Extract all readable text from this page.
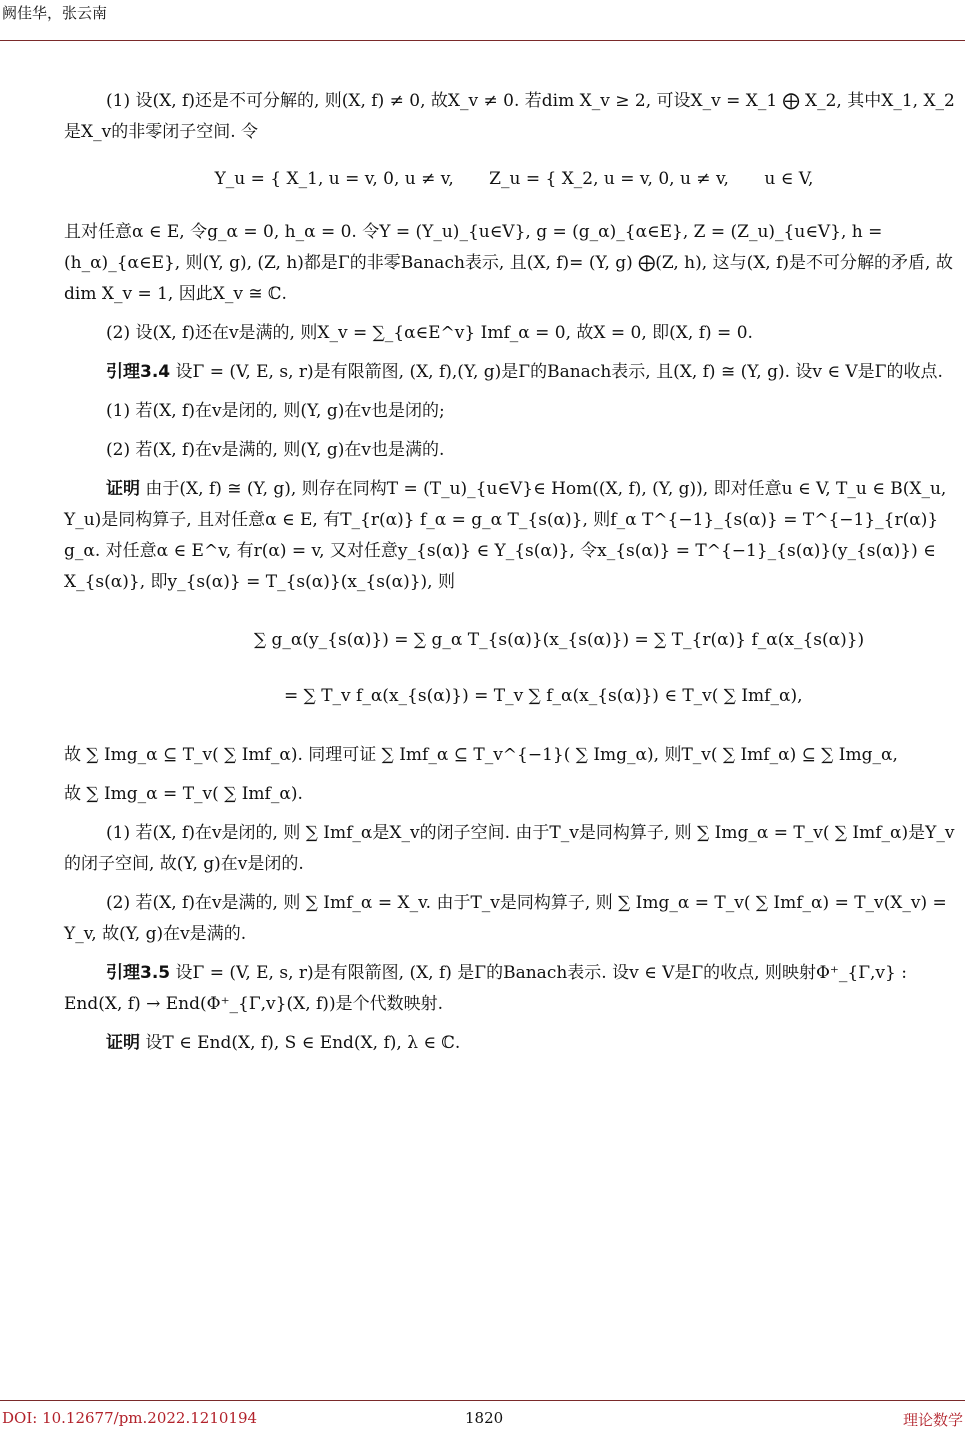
阙佳华，张云南

(1) 设(X, f)还是不可分解的, 则(X, f) ≠ 0, 故X_v ≠ 0. 若dim X_v ≥ 2, 可设X_v = X_1 ⨁ X_2, 其中X_1, X_2是X_v的非零闭子空间. 令

Y_u = { X_1, u = v, 0, u ≠ v, Z_u = { X_2, u = v, 0, u ≠ v, u ∈ V,

且对任意α ∈ E, 令g_α = 0, h_α = 0. 令Y = (Y_u)_{u∈V}, g = (g_α)_{α∈E}, Z = (Z_u)_{u∈V}, h = (h_α)_{α∈E}, 则(Y, g), (Z, h)都是Γ的非零Banach表示, 且(X, f)= (Y, g) ⨁(Z, h), 这与(X, f)是不可分解的矛盾, 故dim X_v = 1, 因此X_v ≅ ℂ.

(2) 设(X, f)还在v是满的, 则X_v = ∑_{α∈E^v} Imf_α = 0, 故X = 0, 即(X, f) = 0.

引理3.4 设Γ = (V, E, s, r)是有限箭图, (X, f),(Y, g)是Γ的Banach表示, 且(X, f) ≅ (Y, g). 设v ∈ V是Γ的收点.

(1) 若(X, f)在v是闭的, 则(Y, g)在v也是闭的;

(2) 若(X, f)在v是满的, 则(Y, g)在v也是满的.

证明 由于(X, f) ≅ (Y, g), 则存在同构T = (T_u)_{u∈V}∈ Hom((X, f), (Y, g)), 即对任意u ∈ V, T_u ∈ B(X_u, Y_u)是同构算子, 且对任意α ∈ E, 有T_{r(α)} f_α = g_α T_{s(α)}, 则f_α T^{−1}_{s(α)} = T^{−1}_{r(α)} g_α. 对任意α ∈ E^v, 有r(α) = v, 又对任意y_{s(α)} ∈ Y_{s(α)}, 令x_{s(α)} = T^{−1}_{s(α)}(y_{s(α)}) ∈ X_{s(α)}, 即y_{s(α)} = T_{s(α)}(x_{s(α)}), 则

∑ g_α(y_{s(α)}) = ∑ g_α T_{s(α)}(x_{s(α)}) = ∑ T_{r(α)} f_α(x_{s(α)})
= ∑ T_v f_α(x_{s(α)}) = T_v ∑ f_α(x_{s(α)}) ∈ T_v( ∑ Imf_α),

故 ∑ Img_α ⊆ T_v( ∑ Imf_α). 同理可证 ∑ Imf_α ⊆ T_v^{−1}( ∑ Img_α), 则T_v( ∑ Imf_α) ⊆ ∑ Img_α,

故 ∑ Img_α = T_v( ∑ Imf_α).

(1) 若(X, f)在v是闭的, 则 ∑ Imf_α是X_v的闭子空间. 由于T_v是同构算子, 则 ∑ Img_α = T_v( ∑ Imf_α)是Y_v 的闭子空间, 故(Y, g)在v是闭的.

(2) 若(X, f)在v是满的, 则 ∑ Imf_α = X_v. 由于T_v是同构算子, 则 ∑ Img_α = T_v( ∑ Imf_α) = T_v(X_v) = Y_v, 故(Y, g)在v是满的.

引理3.5 设Γ = (V, E, s, r)是有限箭图, (X, f) 是Γ的Banach表示. 设v ∈ V是Γ的收点, 则映射Φ⁺_{Γ,v} : End(X, f) → End(Φ⁺_{Γ,v}(X, f))是个代数映射.

证明 设T ∈ End(X, f), S ∈ End(X, f), λ ∈ ℂ.

DOI: 10.12677/pm.2022.1210194	1820	理论数学
